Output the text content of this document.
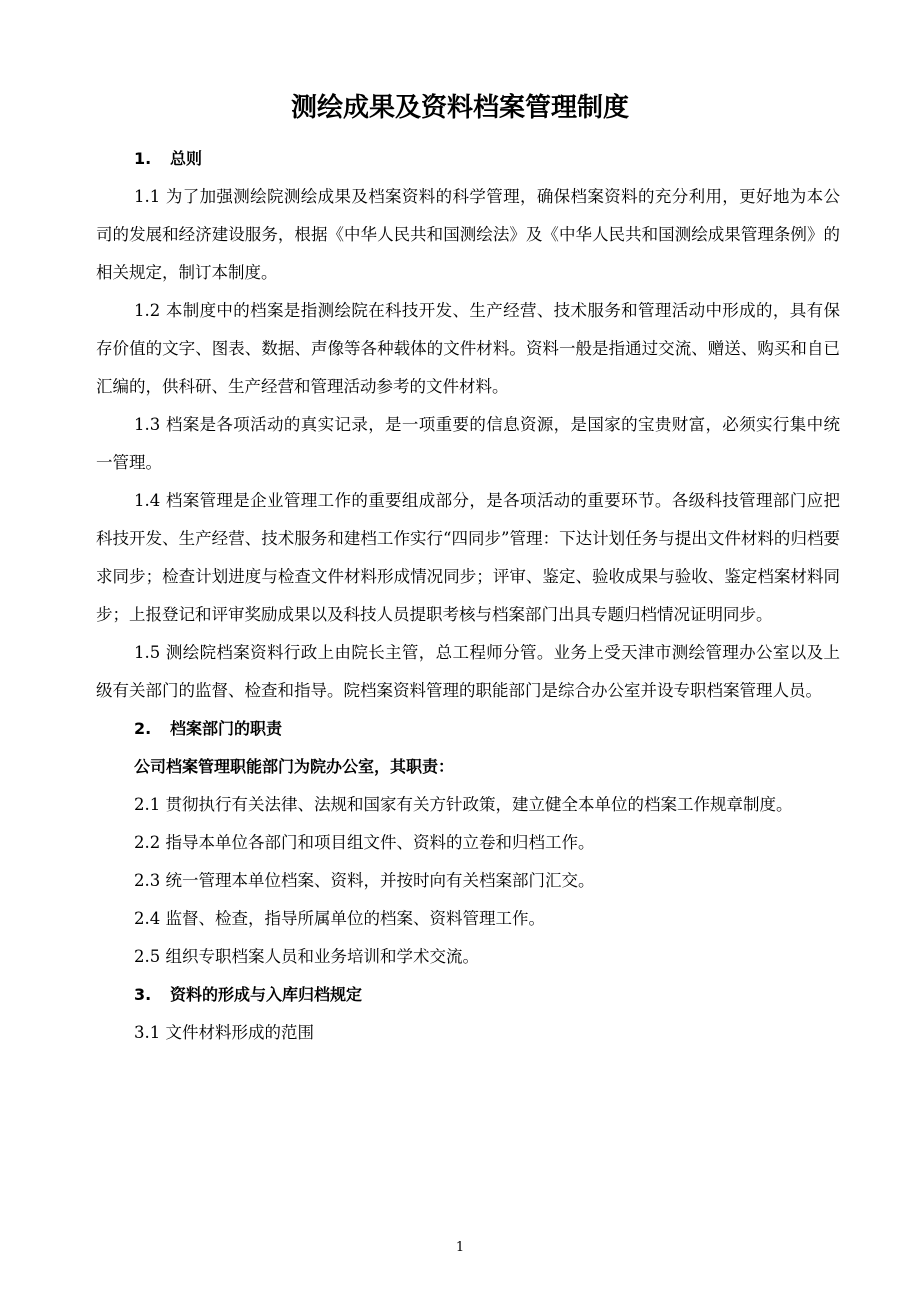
测绘成果及资料档案管理制度
1. 总则

1.1 为了加强测绘院测绘成果及档案资料的科学管理，确保档案资料的充分利用，更好地为本公司的发展和经济建设服务，根据《中华人民共和国测绘法》及《中华人民共和国测绘成果管理条例》的相关规定，制订本制度。

1.2 本制度中的档案是指测绘院在科技开发、生产经营、技术服务和管理活动中形成的，具有保存价值的文字、图表、数据、声像等各种载体的文件材料。资料一般是指通过交流、赠送、购买和自已汇编的，供科研、生产经营和管理活动参考的文件材料。

1.3 档案是各项活动的真实记录，是一项重要的信息资源，是国家的宝贵财富，必须实行集中统一管理。

1.4 档案管理是企业管理工作的重要组成部分，是各项活动的重要环节。各级科技管理部门应把科技开发、生产经营、技术服务和建档工作实行“四同步”管理：下达计划任务与提出文件材料的归档要求同步；检查计划进度与检查文件材料形成情况同步；评审、鉴定、验收成果与验收、鉴定档案材料同步；上报登记和评审奖励成果以及科技人员提职考核与档案部门出具专题归档情况证明同步。

1.5 测绘院档案资料行政上由院长主管，总工程师分管。业务上受天津市测绘管理办公室以及上级有关部门的监督、检查和指导。院档案资料管理的职能部门是综合办公室并设专职档案管理人员。

2. 档案部门的职责
公司档案管理职能部门为院办公室，其职责：

2.1 贯彻执行有关法律、法规和国家有关方针政策，建立健全本单位的档案工作规章制度。

2.2 指导本单位各部门和项目组文件、资料的立卷和归档工作。

2.3 统一管理本单位档案、资料，并按时向有关档案部门汇交。

2.4 监督、检查，指导所属单位的档案、资料管理工作。

2.5 组织专职档案人员和业务培训和学术交流。

3. 资料的形成与入库归档规定

3.1 文件材料形成的范围

1
